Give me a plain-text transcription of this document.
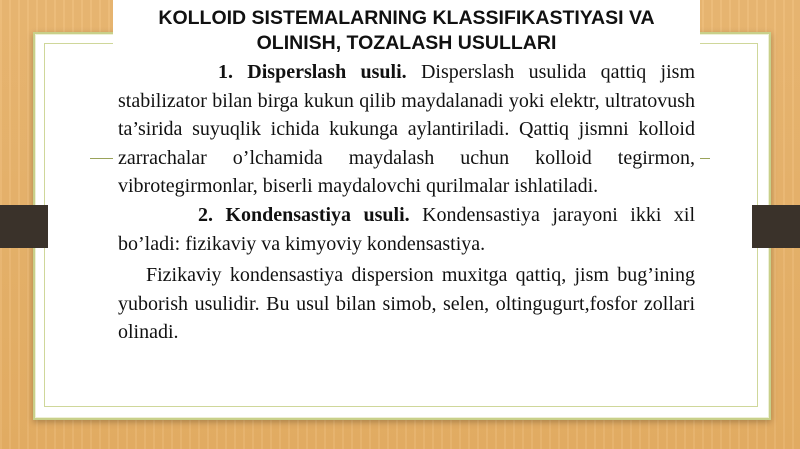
KOLLOID SISTEMALARNING KLASSIFIKASTIYASI VA OLINISH, TOZALASH USULLARI

1. Disperslash usuli. Disperslash usulida qattiq jism stabilizator bilan birga kukun qilib maydalanadi yoki elektr, ultratovush ta’sirida suyuqlik ichida kukunga aylantiriladi. Qattiq jismni kolloid zarrachalar o’lchamida maydalash uchun kolloid tegirmon, vibrotegirmonlar, biserli maydalovchi qurilmalar ishlatiladi.

2. Kondensastiya usuli. Kondensastiya jarayoni ikki xil bo’ladi: fizikaviy va kimyoviy kondensastiya.

Fizikaviy kondensastiya dispersion muxitga qattiq, jism bug’ining yuborish usulidir. Bu usul bilan simob, selen, oltingugurt,fosfor zollari olinadi.
